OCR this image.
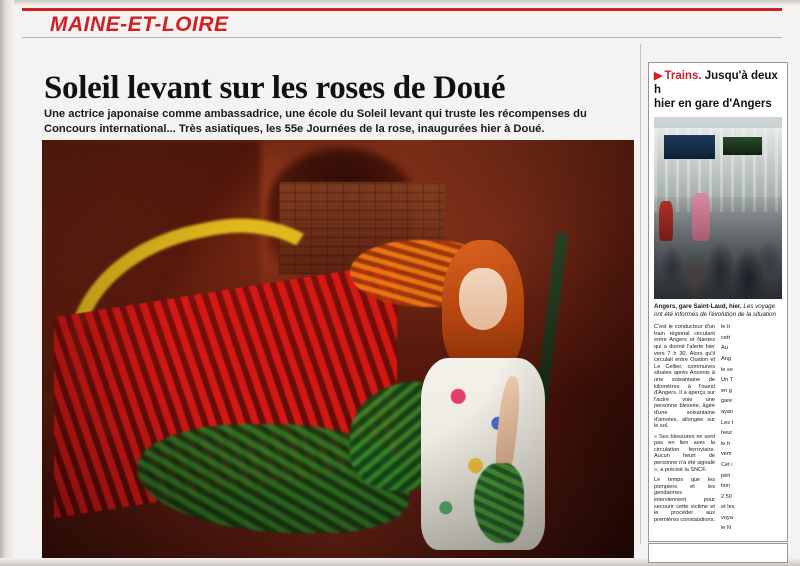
MAINE-ET-LOIRE
Soleil levant sur les roses de Doué

Une actrice japonaise comme ambassadrice, une école du Soleil levant qui truste les récompenses du Concours international... Très asiatiques, les 55e Journées de la rose, inaugurées hier à Doué.

▶ Trains. Jusqu'à deux h
hier en gare d'Angers
Angers, gare Saint-Laud, hier. Les voyage ont été informés de l'évolution de la situation

C'est le conducteur d'un train régional circulant entre Angers et Nantes qui a donné l'alerte hier vers 7 h 30. Alors qu'il circulait entre Ouidon et Le Cellier, communes situées après Ancenis à une soixantaine de kilomètres à l'ouest d'Angers. Il a aperçu sur l'autre voie une personne blessée, âgée d'une soixantaine d'années, allongée sur le sol.

« Ses blessures ne sont pas en lien avec la circulation ferroviaire. Aucun heurt de personne n'a été signalé », a précisé la SNCF.

Le temps que les pompiers et les gendarmes interviennent pour secourir cette victime et le procéder aux premières constatations.

le tr

cett

Au

Ang

le se

Un T

en g

gare

ayan

Les t

heur

le tr

vem

Cet i

péri

tion

2 50

et les

voya

le N
